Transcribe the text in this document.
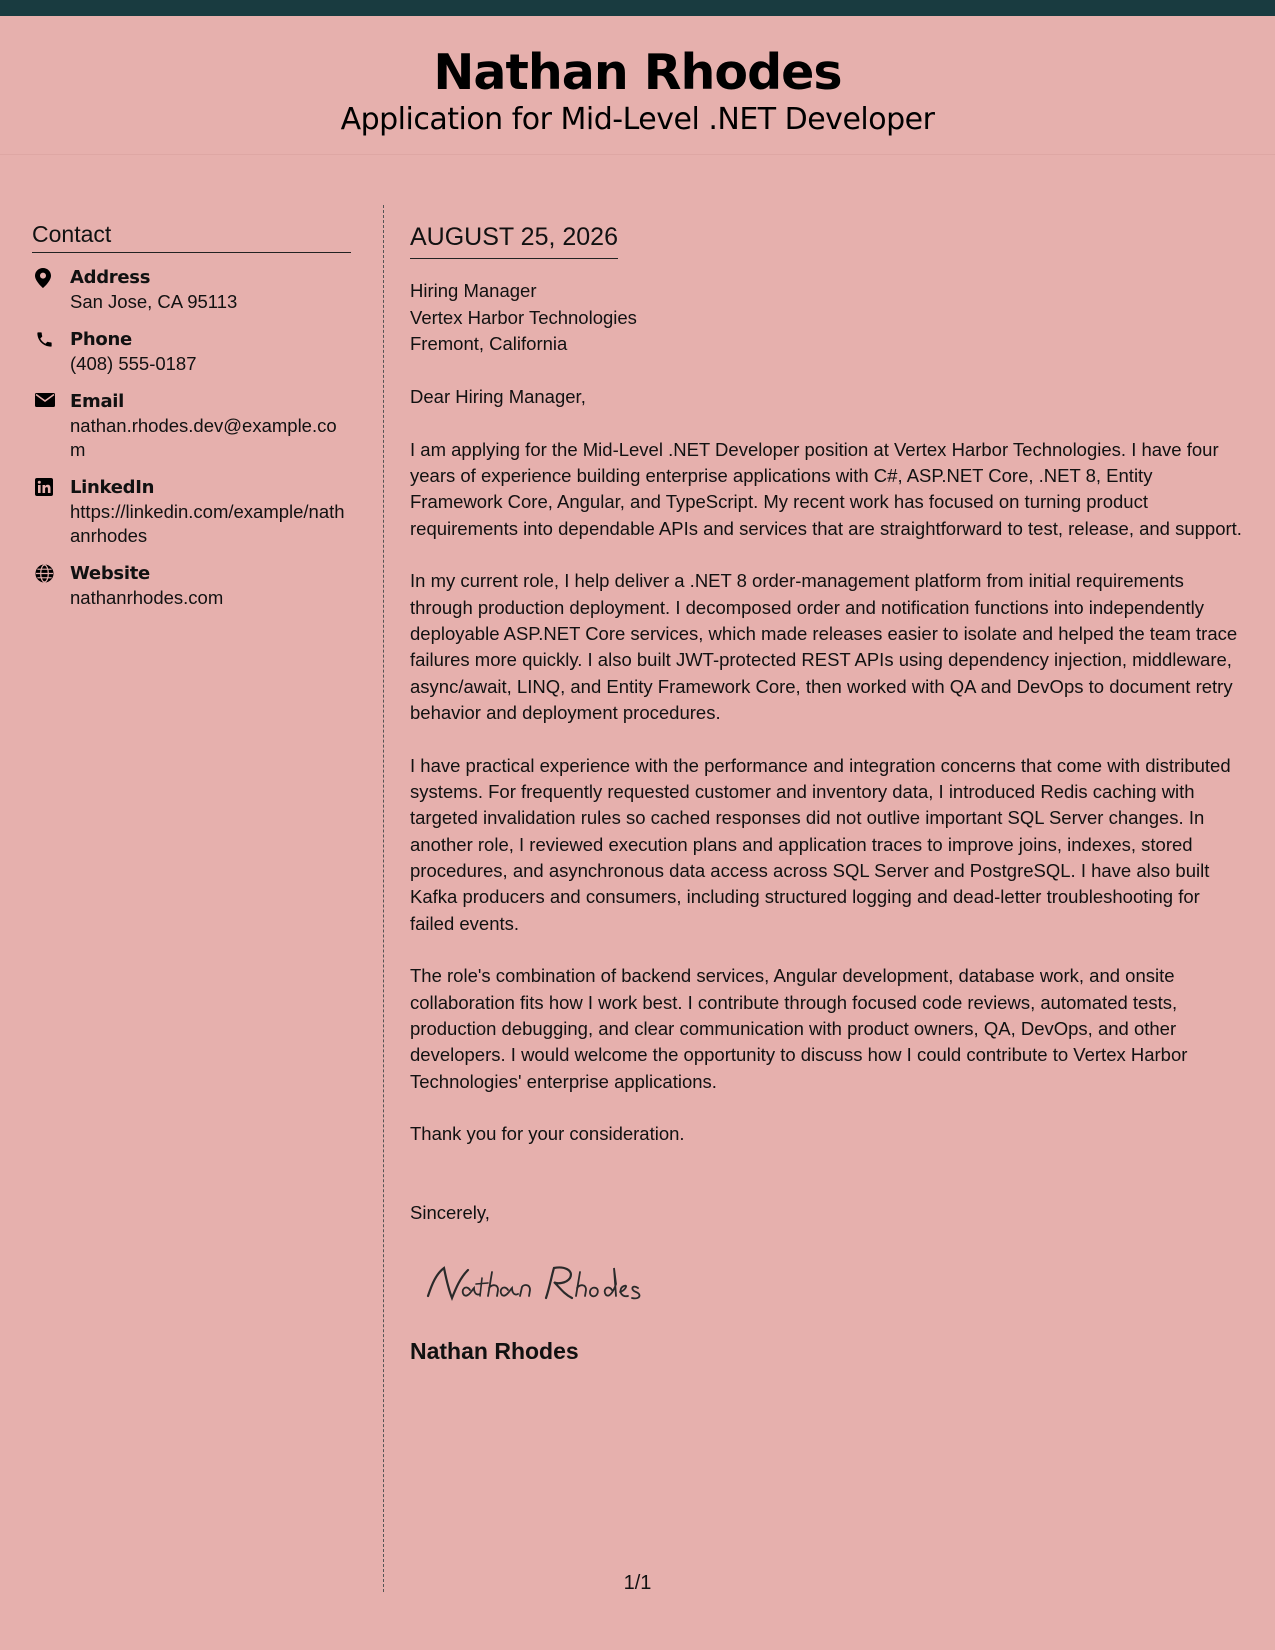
Nathan Rhodes
Application for Mid-Level .NET Developer
Contact
Address
San Jose, CA 95113
Phone
(408) 555-0187
Email
nathan.rhodes.dev@example.com
LinkedIn
https://linkedin.com/example/nathanrhodes
Website
nathanrhodes.com
AUGUST 25, 2026
Hiring Manager
Vertex Harbor Technologies
Fremont, California

Dear Hiring Manager,

I am applying for the Mid-Level .NET Developer position at Vertex Harbor Technologies. I have four years of experience building enterprise applications with C#, ASP.NET Core, .NET 8, Entity Framework Core, Angular, and TypeScript. My recent work has focused on turning product requirements into dependable APIs and services that are straightforward to test, release, and support.

In my current role, I help deliver a .NET 8 order-management platform from initial requirements through production deployment. I decomposed order and notification functions into independently deployable ASP.NET Core services, which made releases easier to isolate and helped the team trace failures more quickly. I also built JWT-protected REST APIs using dependency injection, middleware, async/await, LINQ, and Entity Framework Core, then worked with QA and DevOps to document retry behavior and deployment procedures.

I have practical experience with the performance and integration concerns that come with distributed systems. For frequently requested customer and inventory data, I introduced Redis caching with targeted invalidation rules so cached responses did not outlive important SQL Server changes. In another role, I reviewed execution plans and application traces to improve joins, indexes, stored procedures, and asynchronous data access across SQL Server and PostgreSQL. I have also built Kafka producers and consumers, including structured logging and dead-letter troubleshooting for failed events.

The role's combination of backend services, Angular development, database work, and onsite collaboration fits how I work best. I contribute through focused code reviews, automated tests, production debugging, and clear communication with product owners, QA, DevOps, and other developers. I would welcome the opportunity to discuss how I could contribute to Vertex Harbor Technologies' enterprise applications.

Thank you for your consideration.

Sincerely,
Nathan Rhodes
1/1
